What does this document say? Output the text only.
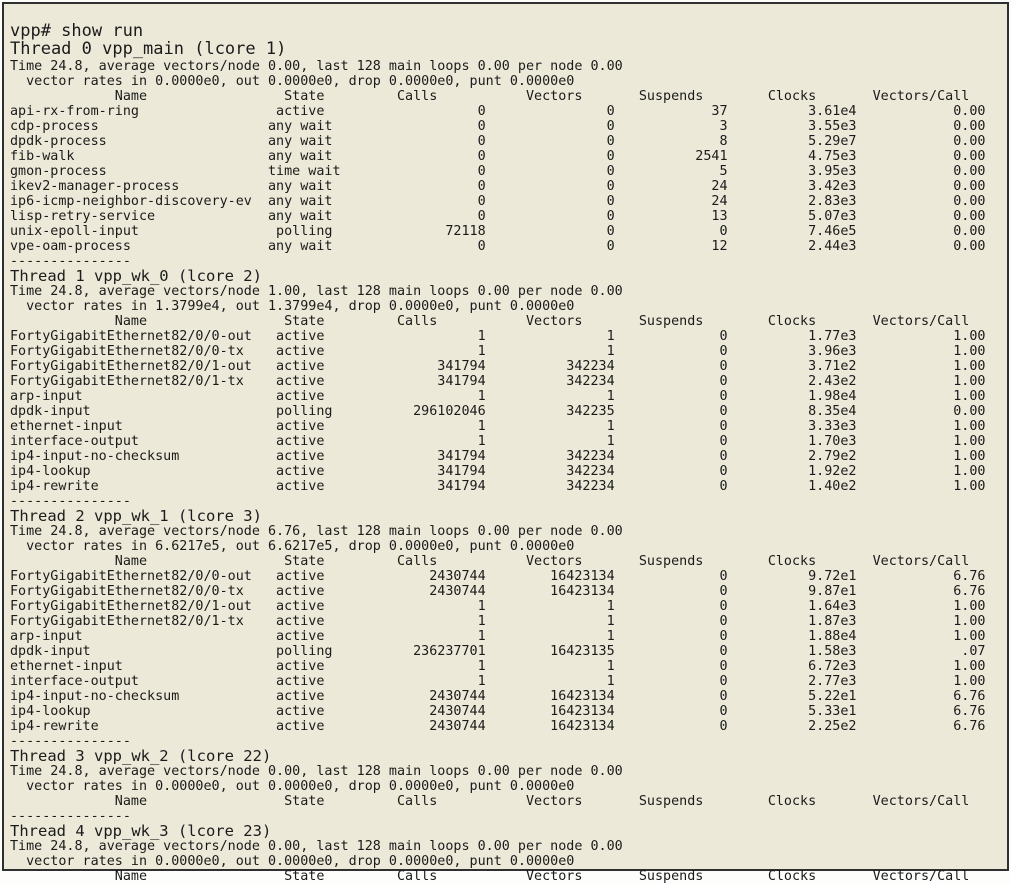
vpp# show run
Thread 0 vpp_main (lcore 1)
Time 24.8, average vectors/node 0.00, last 128 main loops 0.00 per node 0.00
vector rates in 0.0000e0, out 0.0000e0, drop 0.0000e0, punt 0.0000e0
Name                 State         Calls           Vectors       Suspends        Clocks       Vectors/Call
api-rx-from-ring                 active                   0               0            37          3.61e4            0.00
cdp-process                     any wait                  0               0             3          3.55e3            0.00
dpdk-process                    any wait                  0               0             8          5.29e7            0.00
fib-walk                        any wait                  0               0          2541          4.75e3            0.00
gmon-process                    time wait                 0               0             5          3.95e3            0.00
ikev2-manager-process           any wait                  0               0            24          3.42e3            0.00
ip6-icmp-neighbor-discovery-ev  any wait                  0               0            24          2.83e3            0.00
lisp-retry-service              any wait                  0               0            13          5.07e3            0.00
unix-epoll-input                 polling              72118               0             0          7.46e5            0.00
vpe-oam-process                 any wait                  0               0            12          2.44e3            0.00
---------------
Thread 1 vpp_wk_0 (lcore 2)
Time 24.8, average vectors/node 1.00, last 128 main loops 0.00 per node 0.00
vector rates in 1.3799e4, out 1.3799e4, drop 0.0000e0, punt 0.0000e0
Name                 State         Calls           Vectors       Suspends        Clocks       Vectors/Call
FortyGigabitEthernet82/0/0-out   active                   1               1             0          1.77e3            1.00
FortyGigabitEthernet82/0/0-tx    active                   1               1             0          3.96e3            1.00
FortyGigabitEthernet82/0/1-out   active              341794          342234             0          3.71e2            1.00
FortyGigabitEthernet82/0/1-tx    active              341794          342234             0          2.43e2            1.00
arp-input                        active                   1               1             0          1.98e4            1.00
dpdk-input                       polling          296102046          342235             0          8.35e4            0.00
ethernet-input                   active                   1               1             0          3.33e3            1.00
interface-output                 active                   1               1             0          1.70e3            1.00
ip4-input-no-checksum            active              341794          342234             0          2.79e2            1.00
ip4-lookup                       active              341794          342234             0          1.92e2            1.00
ip4-rewrite                      active              341794          342234             0          1.40e2            1.00
---------------
Thread 2 vpp_wk_1 (lcore 3)
Time 24.8, average vectors/node 6.76, last 128 main loops 0.00 per node 0.00
vector rates in 6.6217e5, out 6.6217e5, drop 0.0000e0, punt 0.0000e0
Name                 State         Calls           Vectors       Suspends        Clocks       Vectors/Call
FortyGigabitEthernet82/0/0-out   active             2430744        16423134             0          9.72e1            6.76
FortyGigabitEthernet82/0/0-tx    active             2430744        16423134             0          9.87e1            6.76
FortyGigabitEthernet82/0/1-out   active                   1               1             0          1.64e3            1.00
FortyGigabitEthernet82/0/1-tx    active                   1               1             0          1.87e3            1.00
arp-input                        active                   1               1             0          1.88e4            1.00
dpdk-input                       polling          236237701        16423135             0          1.58e3             .07
ethernet-input                   active                   1               1             0          6.72e3            1.00
interface-output                 active                   1               1             0          2.77e3            1.00
ip4-input-no-checksum            active             2430744        16423134             0          5.22e1            6.76
ip4-lookup                       active             2430744        16423134             0          5.33e1            6.76
ip4-rewrite                      active             2430744        16423134             0          2.25e2            6.76
---------------
Thread 3 vpp_wk_2 (lcore 22)
Time 24.8, average vectors/node 0.00, last 128 main loops 0.00 per node 0.00
vector rates in 0.0000e0, out 0.0000e0, drop 0.0000e0, punt 0.0000e0
Name                 State         Calls           Vectors       Suspends        Clocks       Vectors/Call
---------------
Thread 4 vpp_wk_3 (lcore 23)
Time 24.8, average vectors/node 0.00, last 128 main loops 0.00 per node 0.00
vector rates in 0.0000e0, out 0.0000e0, drop 0.0000e0, punt 0.0000e0
Name                 State         Calls           Vectors       Suspends        Clocks       Vectors/Call
